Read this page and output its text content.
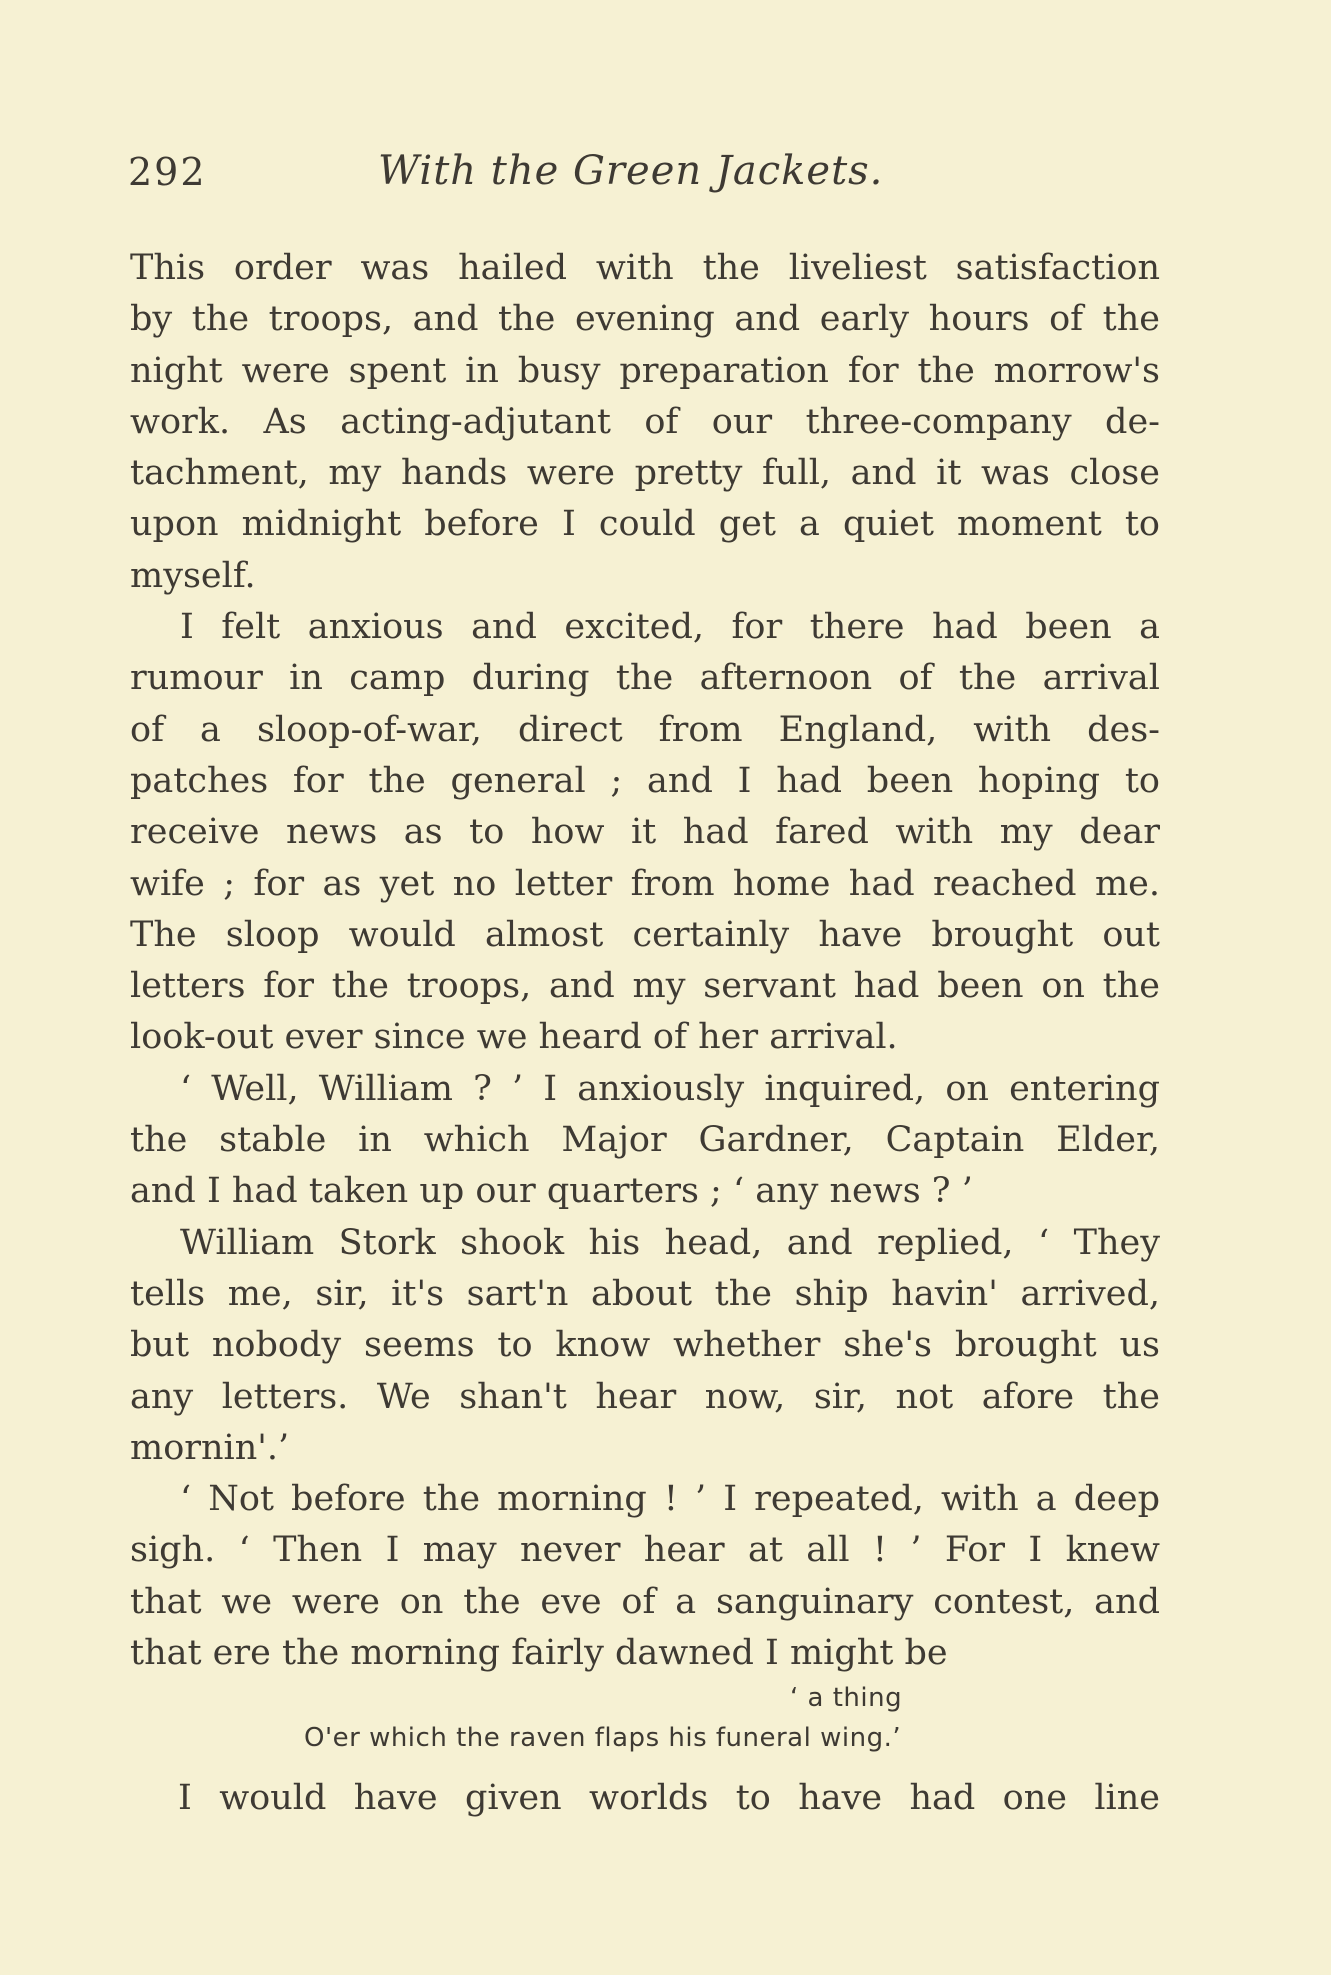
292	With the Green Jackets.
This order was hailed with the liveliest satisfaction
by the troops, and the evening and early hours of the
night were spent in busy preparation for the morrow's
work. As acting-adjutant of our three-company de-
tachment, my hands were pretty full, and it was close
upon midnight before I could get a quiet moment to
myself.
I felt anxious and excited, for there had been a
rumour in camp during the afternoon of the arrival
of a sloop-of-war, direct from England, with des-
patches for the general ; and I had been hoping to
receive news as to how it had fared with my dear
wife ; for as yet no letter from home had reached me.
The sloop would almost certainly have brought out
letters for the troops, and my servant had been on the
look-out ever since we heard of her arrival.
‘ Well, William ? ’ I anxiously inquired, on entering
the stable in which Major Gardner, Captain Elder,
and I had taken up our quarters ; ‘ any news ? ’
William Stork shook his head, and replied, ‘ They
tells me, sir, it's sart'n about the ship havin' arrived,
but nobody seems to know whether she's brought us
any letters. We shan't hear now, sir, not afore the
mornin'.’
‘ Not before the morning ! ’ I repeated, with a deep
sigh. ‘ Then I may never hear at all ! ’ For I knew
that we were on the eve of a sanguinary contest, and
that ere the morning fairly dawned I might be
‘ a thing
O'er which the raven flaps his funeral wing.’
I would have given worlds to have had one line
